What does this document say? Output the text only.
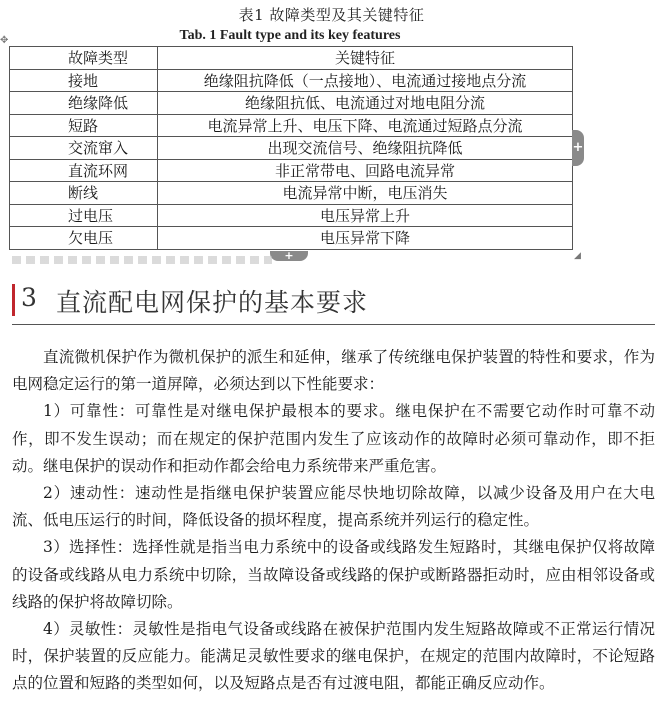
表1 故障类型及其关键特征
Tab. 1 Fault type and its key features
✥
故障类型	关键特征
接地	绝缘阻抗降低（一点接地）、电流通过接地点分流
绝缘降低	绝缘阻抗低、电流通过对地电阻分流
短路	电流异常上升、电压下降、电流通过短路点分流
交流窜入	出现交流信号、绝缘阻抗降低
直流环网	非正常带电、回路电流异常
断线	电流异常中断，电压消失
过电压	电压异常上升
欠电压	电压异常下降
+
+	◢
3 直流配电网保护的基本要求

直流微机保护作为微机保护的派生和延伸，继承了传统继电保护装置的特性和要求，作为电网稳定运行的第一道屏障，必须达到以下性能要求：

1）可靠性：可靠性是对继电保护最根本的要求。继电保护在不需要它动作时可靠不动作，即不发生误动；而在规定的保护范围内发生了应该动作的故障时必须可靠动作，即不拒动。继电保护的误动作和拒动作都会给电力系统带来严重危害。

2）速动性：速动性是指继电保护装置应能尽快地切除故障，以减少设备及用户在大电流、低电压运行的时间，降低设备的损坏程度，提高系统并列运行的稳定性。

3）选择性：选择性就是指当电力系统中的设备或线路发生短路时，其继电保护仅将故障的设备或线路从电力系统中切除，当故障设备或线路的保护或断路器拒动时，应由相邻设备或线路的保护将故障切除。

4）灵敏性：灵敏性是指电气设备或线路在被保护范围内发生短路故障或不正常运行情况时，保护装置的反应能力。能满足灵敏性要求的继电保护，在规定的范围内故障时，不论短路点的位置和短路的类型如何，以及短路点是否有过渡电阻，都能正确反应动作。
